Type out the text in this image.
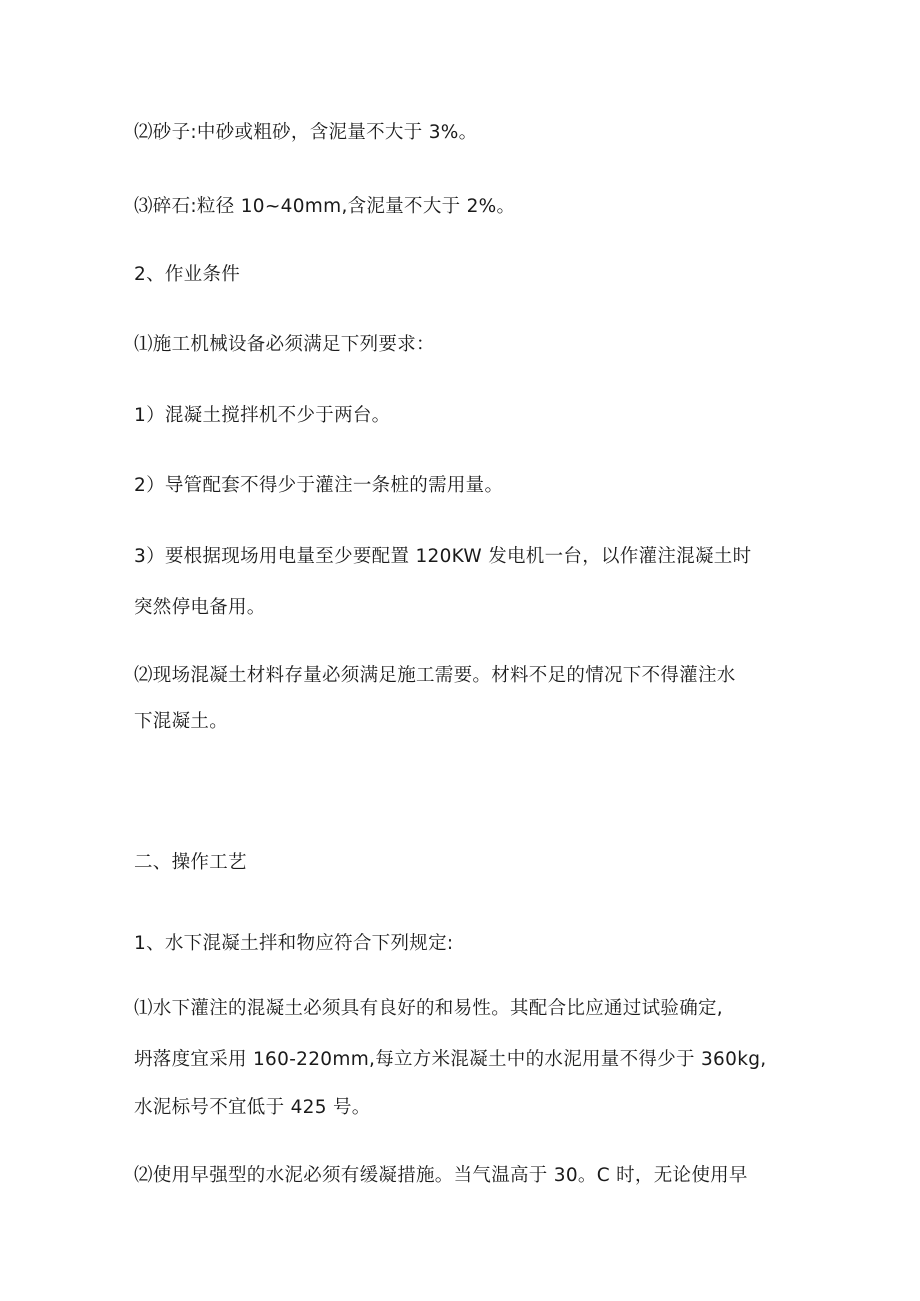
⑵砂子:中砂或粗砂，含泥量不大于 3%。
⑶碎石:粒径 10~40mm,含泥量不大于 2%。
2、作业条件
⑴施工机械设备必须满足下列要求：
1）混凝土搅拌机不少于两台。
2）导管配套不得少于灌注一条桩的需用量。
3）要根据现场用电量至少要配置 120KW 发电机一台，以作灌注混凝土时
突然停电备用。
⑵现场混凝土材料存量必须满足施工需要。材料不足的情况下不得灌注水
下混凝土。
二、操作工艺
1、水下混凝土拌和物应符合下列规定:
⑴水下灌注的混凝土必须具有良好的和易性。其配合比应通过试验确定,
坍落度宜采用 160-220mm,每立方米混凝土中的水泥用量不得少于 360kg,
水泥标号不宜低于 425 号。
⑵使用早强型的水泥必须有缓凝措施。当气温高于 30。C 时，无论使用早
